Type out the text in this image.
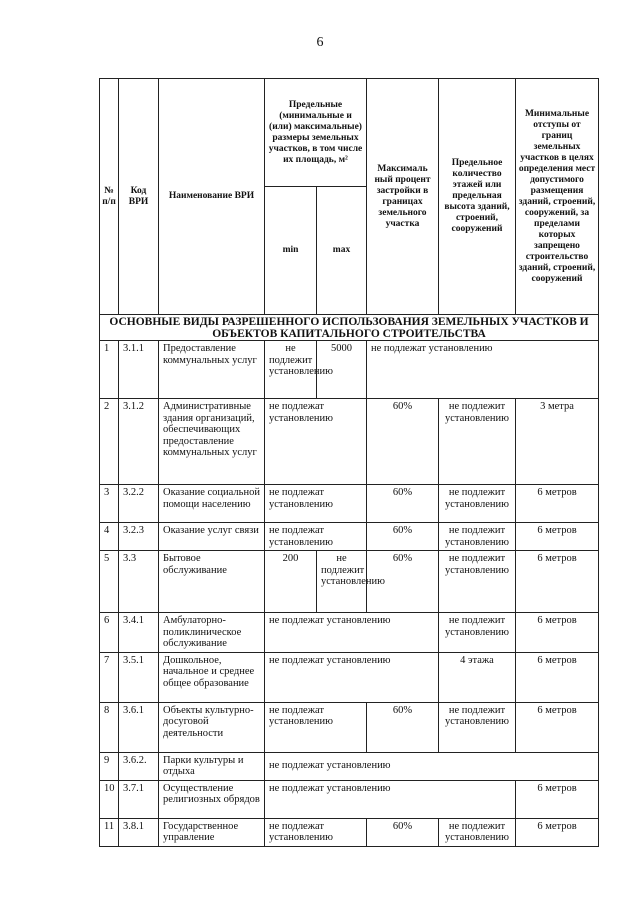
6
№ п/п	Код ВРИ	Наименование ВРИ	Предельные (минимальные и (или) максимальные) размеры земельных участков, в том числе их площадь, м²		Максималь ный процент застройки в границах земельного участка	Предельное количество этажей или предельная высота зданий, строений, сооружений	Минимальные отступы от границ земельных участков в целях определения мест допустимого размещения зданий, строений, сооружений, за пределами которых запрещено строительство зданий, строений, сооружений
			min	max			
ОСНОВНЫЕ ВИДЫ РАЗРЕШЕННОГО ИСПОЛЬЗОВАНИЯ ЗЕМЕЛЬНЫХ УЧАСТКОВ И ОБЪЕКТОВ КАПИТАЛЬНОГО СТРОИТЕЛЬСТВА							
1	3.1.1	Предоставление коммунальных услуг	не подлежит установлению	5000	не подлежат установлению		
2	3.1.2	Административные здания организаций, обеспечивающих предоставление коммунальных услуг	не подлежат установлению		60%	не подлежит установлению	3 метра
3	3.2.2	Оказание социальной помощи населению	не подлежат установлению		60%	не подлежит установлению	6 метров
4	3.2.3	Оказание услуг связи	не подлежат установлению		60%	не подлежит установлению	6 метров
5	3.3	Бытовое обслуживание	200	не подлежит установлению	60%	не подлежит установлению	6 метров
6	3.4.1	Амбулаторно-поликлиническое обслуживание	не подлежат установлению			не подлежит установлению	6 метров
7	3.5.1	Дошкольное, начальное и среднее общее образование	не подлежат установлению			4 этажа	6 метров
8	3.6.1	Объекты культурно-досуговой деятельности	не подлежат установлению		60%	не подлежит установлению	6 метров
9	3.6.2.	Парки культуры и отдыха	не подлежат установлению				
10	3.7.1	Осуществление религиозных обрядов	не подлежат установлению				6 метров
11	3.8.1	Государственное управление	не подлежат установлению		60%	не подлежит установлению	6 метров
